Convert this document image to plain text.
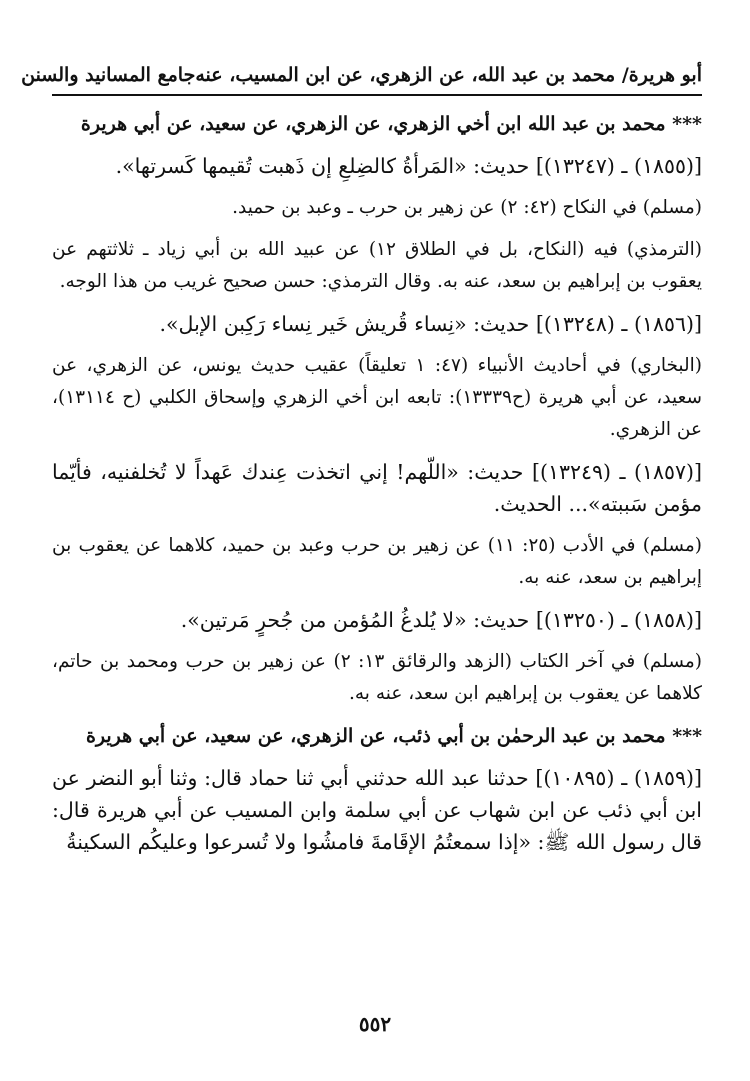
أبو هريرة/ محمد بن عبد الله، عن الزهري، عن ابن المسيب، عنه
جامع المسانيد والسنن

*** محمد بن عبد الله ابن أخي الزهري، عن الزهري، عن سعيد، عن أبي هريرة

[(١٨٥٥) ـ (١٣٢٤٧)] حديث: «المَرأةُ كالضِلعِ إن ذَهبت تُقيمها كَسرتها».

(مسلم) في النكاح (٤٢: ٢) عن زهير بن حرب ـ وعبد بن حميد.

(الترمذي) فيه (النكاح، بل في الطلاق ١٢) عن عبيد الله بن أبي زياد ـ ثلاثتهم عن يعقوب بن إبراهيم بن سعد، عنه به. وقال الترمذي: حسن صحيح غريب من هذا الوجه.

[(١٨٥٦) ـ (١٣٢٤٨)] حديث: «نِساء قُريش خَير نِساء رَكِبن الإبل».

(البخاري) في أحاديث الأنبياء (٤٧: ١ تعليقاً) عقيب حديث يونس، عن الزهري، عن سعيد، عن أبي هريرة (ح١٣٣٣٩): تابعه ابن أخي الزهري وإسحاق الكلبي (ح ١٣١١٤)، عن الزهري.

[(١٨٥٧) ـ (١٣٢٤٩)] حديث: «اللّهم! إني اتخذت عِندك عَهداً لا تُخلفنيه، فأيّما مؤمن سَببته»... الحديث.

(مسلم) في الأدب (٢٥: ١١) عن زهير بن حرب وعبد بن حميد، كلاهما عن يعقوب بن إبراهيم بن سعد، عنه به.

[(١٨٥٨) ـ (١٣٢٥٠)] حديث: «لا يُلدغُ المُؤمن من جُحرٍ مَرتين».

(مسلم) في آخر الكتاب (الزهد والرقائق ١٣: ٢) عن زهير بن حرب ومحمد بن حاتم، كلاهما عن يعقوب بن إبراهيم ابن سعد، عنه به.

*** محمد بن عبد الرحمٰن بن أبي ذئب، عن الزهري، عن سعيد، عن أبي هريرة

[(١٨٥٩) ـ (١٠٨٩٥)] حدثنا عبد الله حدثني أبي ثنا حماد قال: وثنا أبو النضر عن ابن أبي ذئب عن ابن شهاب عن أبي سلمة وابن المسيب عن أبي هريرة قال: قال رسول الله ﷺ: «إذا سمعتُمُ الإقَامةَ فامشُوا ولا تُسرعوا وعليكُم السكينةُ

٥٥٢
